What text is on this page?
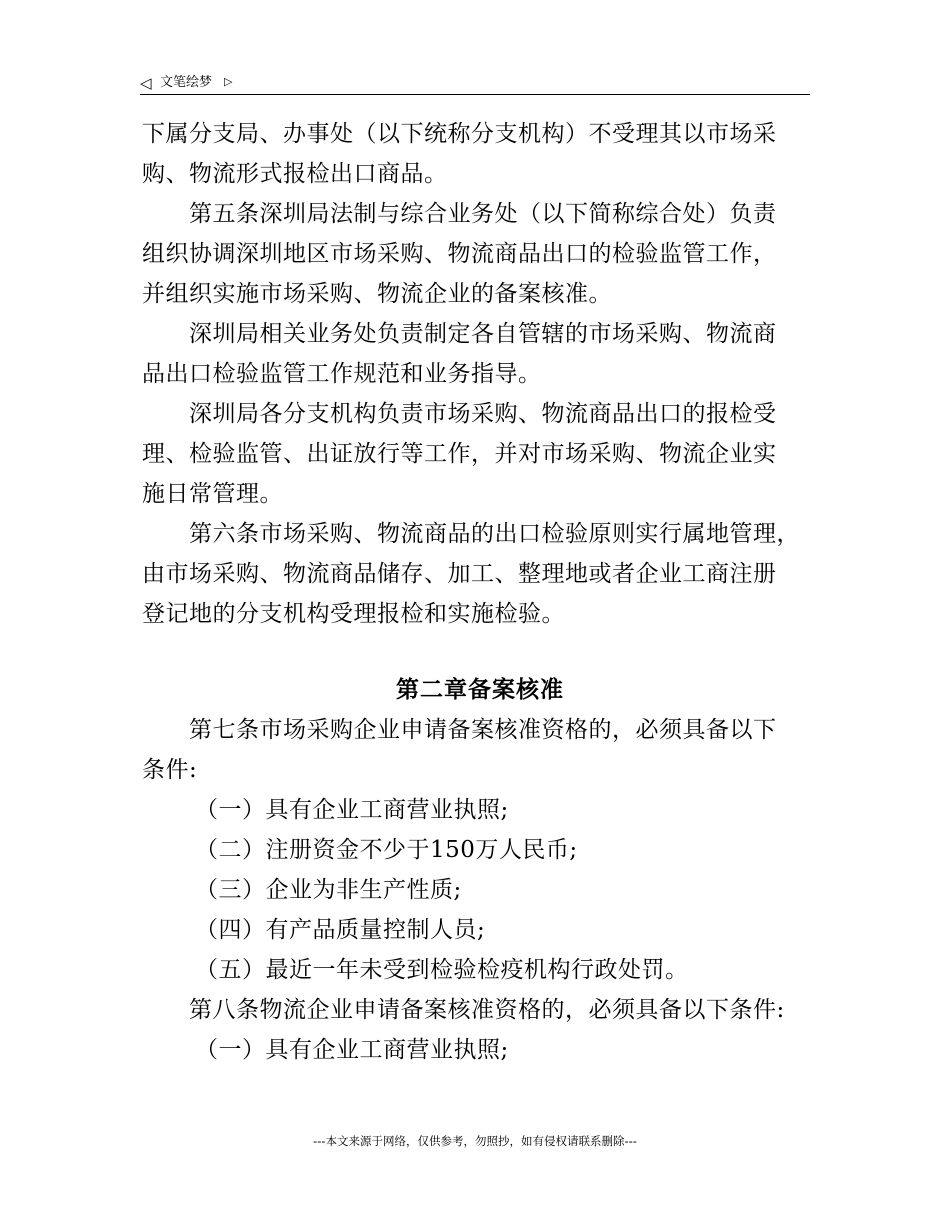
◁ 文笔绘梦 ▷
下属分支局、办事处（以下统称分支机构）不受理其以市场采
购、物流形式报检出口商品。
第五条深圳局法制与综合业务处（以下简称综合处）负责
组织协调深圳地区市场采购、物流商品出口的检验监管工作，
并组织实施市场采购、物流企业的备案核准。
深圳局相关业务处负责制定各自管辖的市场采购、物流商
品出口检验监管工作规范和业务指导。
深圳局各分支机构负责市场采购、物流商品出口的报检受
理、检验监管、出证放行等工作，并对市场采购、物流企业实
施日常管理。
第六条市场采购、物流商品的出口检验原则实行属地管理，
由市场采购、物流商品储存、加工、整理地或者企业工商注册
登记地的分支机构受理报检和实施检验。
第二章备案核准
第七条市场采购企业申请备案核准资格的，必须具备以下
条件:
（一）具有企业工商营业执照;
（二）注册资金不少于150万人民币;
（三）企业为非生产性质;
（四）有产品质量控制人员;
（五）最近一年未受到检验检疫机构行政处罚。
第八条物流企业申请备案核准资格的，必须具备以下条件:
（一）具有企业工商营业执照;
---本文来源于网络，仅供参考，勿照抄，如有侵权请联系删除---
